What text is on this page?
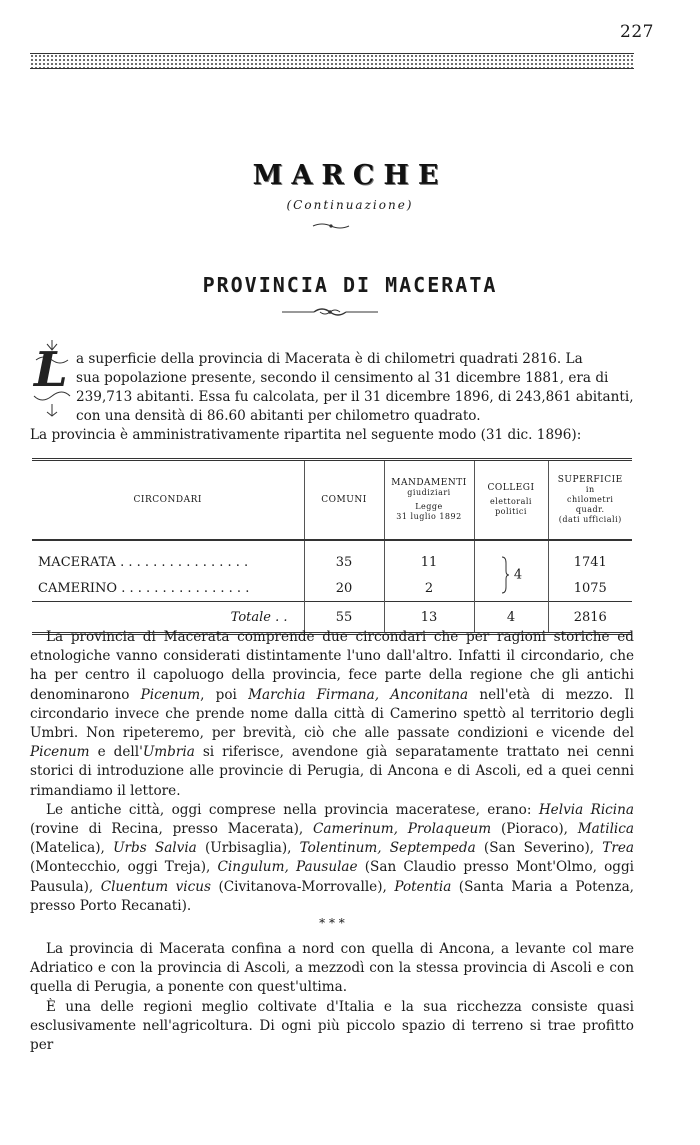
227
MARCHE
(Continuazione)
PROVINCIA DI MACERATA
L a superficie della provincia di Macerata è di chilometri quadrati 2816. La
sua popolazione presente, secondo il censimento al 31 dicembre 1881, era di
239,713 abitanti. Essa fu calcolata, per il 31 dicembre 1896, di 243,861 abitanti,
con una densità di 86.60 abitanti per chilometro quadrato.
La provincia è amministrativamente ripartita nel seguente modo (31 dic. 1896):
CIRCONDARI	COMUNI	MANDAMENTI
giudiziari
Legge
31 luglio 1892	COLLEGI
elettorali politici	SUPERFICIE
in
chilometri quadr.
(dati ufficiali)

MACERATA . . . . . . . . . . . . . . . .	35	11	4	1741
CAMERINO . . . . . . . . . . . . . . . .	20	2		1075
Totale . .	55	13	4	2816

La provincia di Macerata comprende due circondari che per ragioni storiche ed etnologiche vanno considerati distintamente l'uno dall'altro. Infatti il circondario, che ha per centro il capoluogo della provincia, fece parte della regione che gli antichi denominarono Picenum, poi Marchia Firmana, Anconitana nell'età di mezzo. Il circondario invece che prende nome dalla città di Camerino spettò al territorio degli Umbri. Non ripeteremo, per brevità, ciò che alle passate condizioni e vicende del Picenum e dell'Umbria si riferisce, avendone già separatamente trattato nei cenni storici di introduzione alle provincie di Perugia, di Ancona e di Ascoli, ed a quei cenni rimandiamo il lettore.

Le antiche città, oggi comprese nella provincia maceratese, erano: Helvia Ricina (rovine di Recina, presso Macerata), Camerinum, Prolaqueum (Pioraco), Matilica (Matelica), Urbs Salvia (Urbisaglia), Tolentinum, Septempeda (San Severino), Trea (Montecchio, oggi Treja), Cingulum, Pausulae (San Claudio presso Mont'Olmo, oggi Pausula), Cluentum vicus (Civitanova-Morrovalle), Potentia (Santa Maria a Potenza, presso Porto Recanati).

* * *

La provincia di Macerata confina a nord con quella di Ancona, a levante col mare Adriatico e con la provincia di Ascoli, a mezzodì con la stessa provincia di Ascoli e con quella di Perugia, a ponente con quest'ultima.

È una delle regioni meglio coltivate d'Italia e la sua ricchezza consiste quasi esclusivamente nell'agricoltura. Di ogni più piccolo spazio di terreno si trae profitto per
